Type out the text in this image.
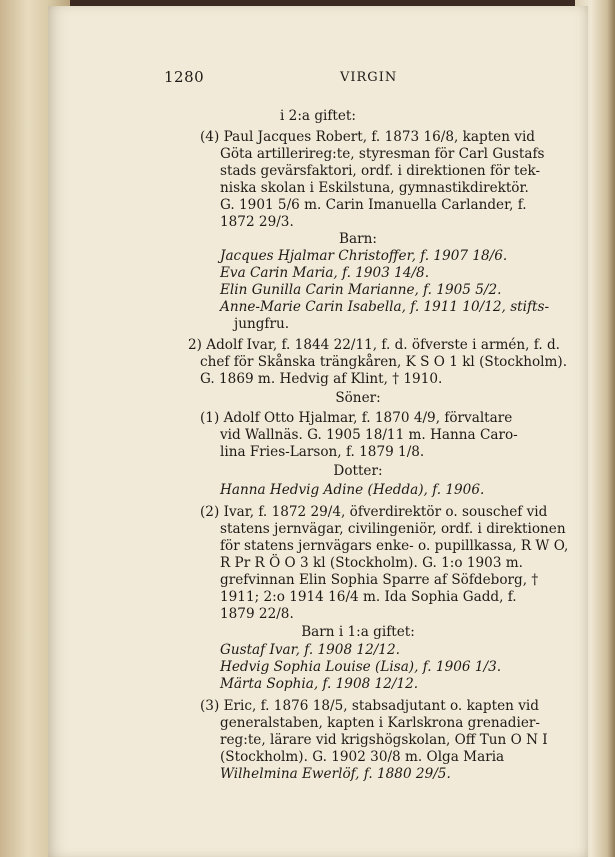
1280	VIRGIN
i 2:a giftet:
(4) Paul Jacques Robert, f. 1873 16/8, kapten vid
Göta artillerireg:te, styresman för Carl Gustafs
stads gevärsfaktori, ordf. i direktionen för tek-
niska skolan i Eskilstuna, gymnastikdirektör.
G. 1901 5/6 m. Carin Imanuella Carlander, f.
1872 29/3.
Barn:
Jacques Hjalmar Christoffer, f. 1907 18/6.
Eva Carin Maria, f. 1903 14/8.
Elin Gunilla Carin Marianne, f. 1905 5/2.
Anne-Marie Carin Isabella, f. 1911 10/12, stifts-
jungfru.
2) Adolf Ivar, f. 1844 22/11, f. d. öfverste i armén, f. d.
chef för Skånska trängkåren, K S O 1 kl (Stockholm).
G. 1869 m. Hedvig af Klint, † 1910.
Söner:
(1) Adolf Otto Hjalmar, f. 1870 4/9, förvaltare
vid Wallnäs. G. 1905 18/11 m. Hanna Caro-
lina Fries-Larson, f. 1879 1/8.
Dotter:
Hanna Hedvig Adine (Hedda), f. 1906.
(2) Ivar, f. 1872 29/4, öfverdirektör o. souschef vid
statens jernvägar, civilingeniör, ordf. i direktionen
för statens jernvägars enke- o. pupillkassa, R W O,
R Pr R Ö O 3 kl (Stockholm). G. 1:o 1903 m.
grefvinnan Elin Sophia Sparre af Söfdeborg, †
1911; 2:o 1914 16/4 m. Ida Sophia Gadd, f.
1879 22/8.
Barn i 1:a giftet:
Gustaf Ivar, f. 1908 12/12.
Hedvig Sophia Louise (Lisa), f. 1906 1/3.
Märta Sophia, f. 1908 12/12.
(3) Eric, f. 1876 18/5, stabsadjutant o. kapten vid
generalstaben, kapten i Karlskrona grenadier-
reg:te, lärare vid krigshögskolan, Off Tun O N I
(Stockholm). G. 1902 30/8 m. Olga Maria
Wilhelmina Ewerlöf, f. 1880 29/5.
